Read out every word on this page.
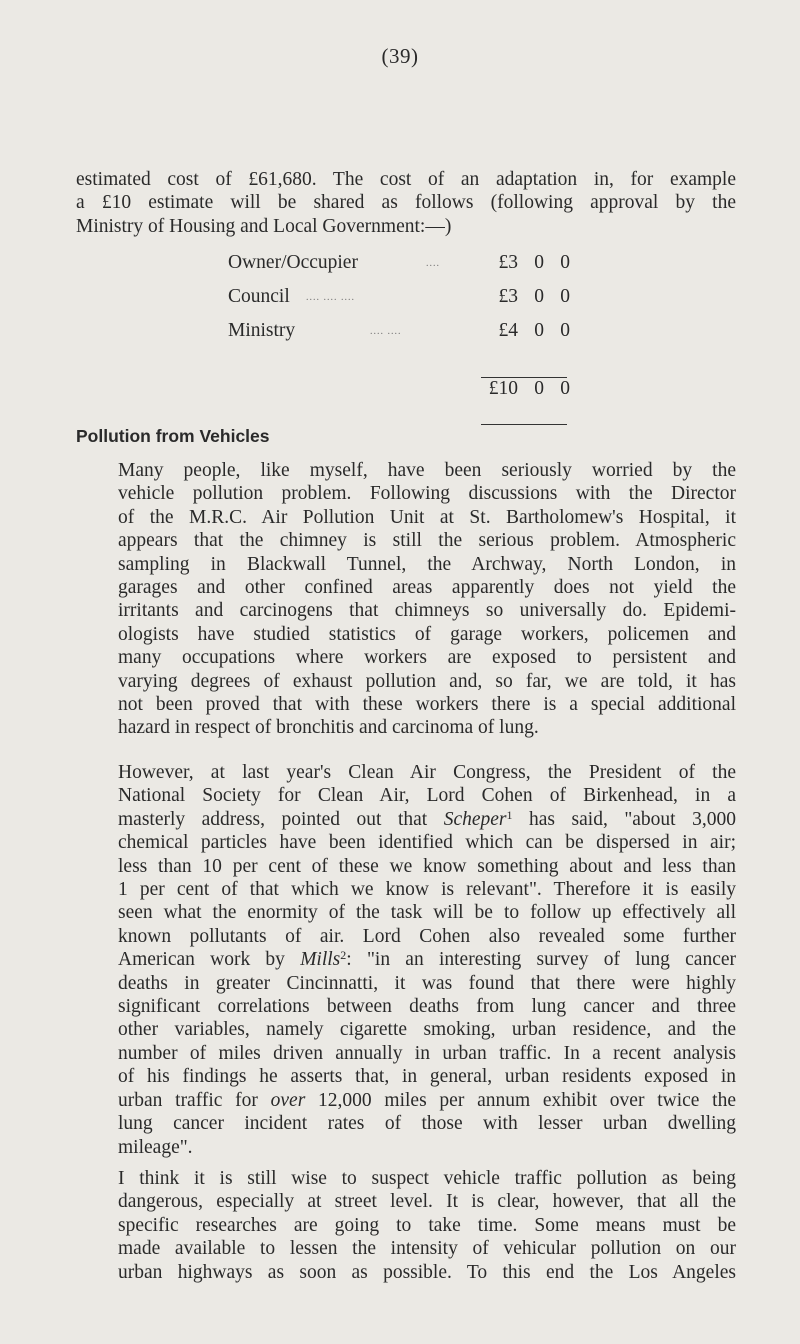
(39)

estimated cost of £61,680. The cost of an adaptation in, for example
a £10 estimate will be shared as follows (following approval by the
Ministry of Housing and Local Government:—)

Owner/Occupier	....	£3 0 0
Council .... .... ....	£3 0 0
Ministry	.... ....	£4 0 0
£10 0 0
Pollution from Vehicles

Many people, like myself, have been seriously worried by the
vehicle pollution problem. Following discussions with the Director
of the M.R.C. Air Pollution Unit at St. Bartholomew's Hospital, it
appears that the chimney is still the serious problem. Atmospheric
sampling in Blackwall Tunnel, the Archway, North London, in
garages and other confined areas apparently does not yield the
irritants and carcinogens that chimneys so universally do. Epidemi-
ologists have studied statistics of garage workers, policemen and
many occupations where workers are exposed to persistent and
varying degrees of exhaust pollution and, so far, we are told, it has
not been proved that with these workers there is a special additional
hazard in respect of bronchitis and carcinoma of lung.

However, at last year's Clean Air Congress, the President of the
National Society for Clean Air, Lord Cohen of Birkenhead, in a
masterly address, pointed out that Scheper$^1$ has said, "about 3,000
chemical particles have been identified which can be dispersed in air;
less than 10 per cent of these we know something about and less than
1 per cent of that which we know is relevant". Therefore it is easily
seen what the enormity of the task will be to follow up effectively all
known pollutants of air. Lord Cohen also revealed some further
American work by Mills$^2$: "in an interesting survey of lung cancer
deaths in greater Cincinnatti, it was found that there were highly
significant correlations between deaths from lung cancer and three
other variables, namely cigarette smoking, urban residence, and the
number of miles driven annually in urban traffic. In a recent analysis
of his findings he asserts that, in general, urban residents exposed in
urban traffic for over 12,000 miles per annum exhibit over twice the
lung cancer incident rates of those with lesser urban dwelling
mileage".

I think it is still wise to suspect vehicle traffic pollution as being
dangerous, especially at street level. It is clear, however, that all the
specific researches are going to take time. Some means must be
made available to lessen the intensity of vehicular pollution on our
urban highways as soon as possible. To this end the Los Angeles
